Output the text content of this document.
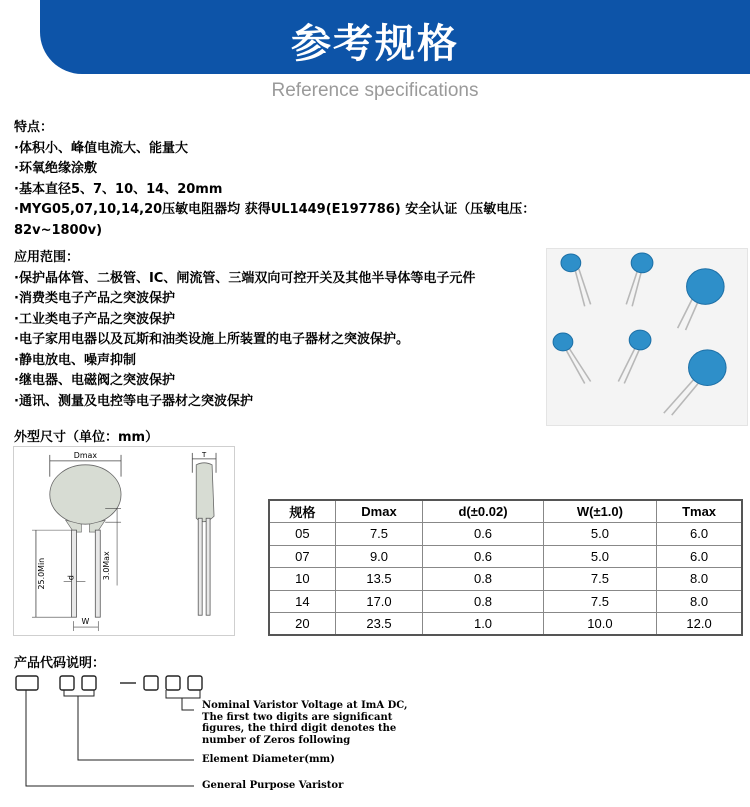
参考规格
Reference specifications
特点：
·体积小、峰值电流大、能量大
·环氧绝缘涂敷
·基本直径5、7、10、14、20mm
·MYG05,07,10,14,20压敏电阻器均 获得UL1449(E197786) 安全认证（压敏电压：
82v~1800v)
应用范围：
·保护晶体管、二极管、IC、闸流管、三端双向可控开关及其他半导体等电子元件
·消费类电子产品之突波保护
·工业类电子产品之突波保护
·电子家用电器以及瓦斯和油类设施上所装置的电子器材之突波保护。
·静电放电、噪声抑制
·继电器、电磁阀之突波保护
·通讯、测量及电控等电子器材之突波保护
外型尺寸（单位：mm）
Dmax
25.0Min	3.0Max
d
W
T
规格	Dmax	d(±0.02)	W(±1.0)	Tmax
05	7.5	0.6	5.0	6.0
07	9.0	0.6	5.0	6.0
10	13.5	0.8	7.5	8.0
14	17.0	0.8	7.5	8.0
20	23.5	1.0	10.0	12.0
产品代码说明：
Nominal Varistor Voltage at ImA DC,
The first two digits are significant
figures, the third digit denotes the
number of Zeros following
Element Diameter(mm)
General Purpose Varistor
